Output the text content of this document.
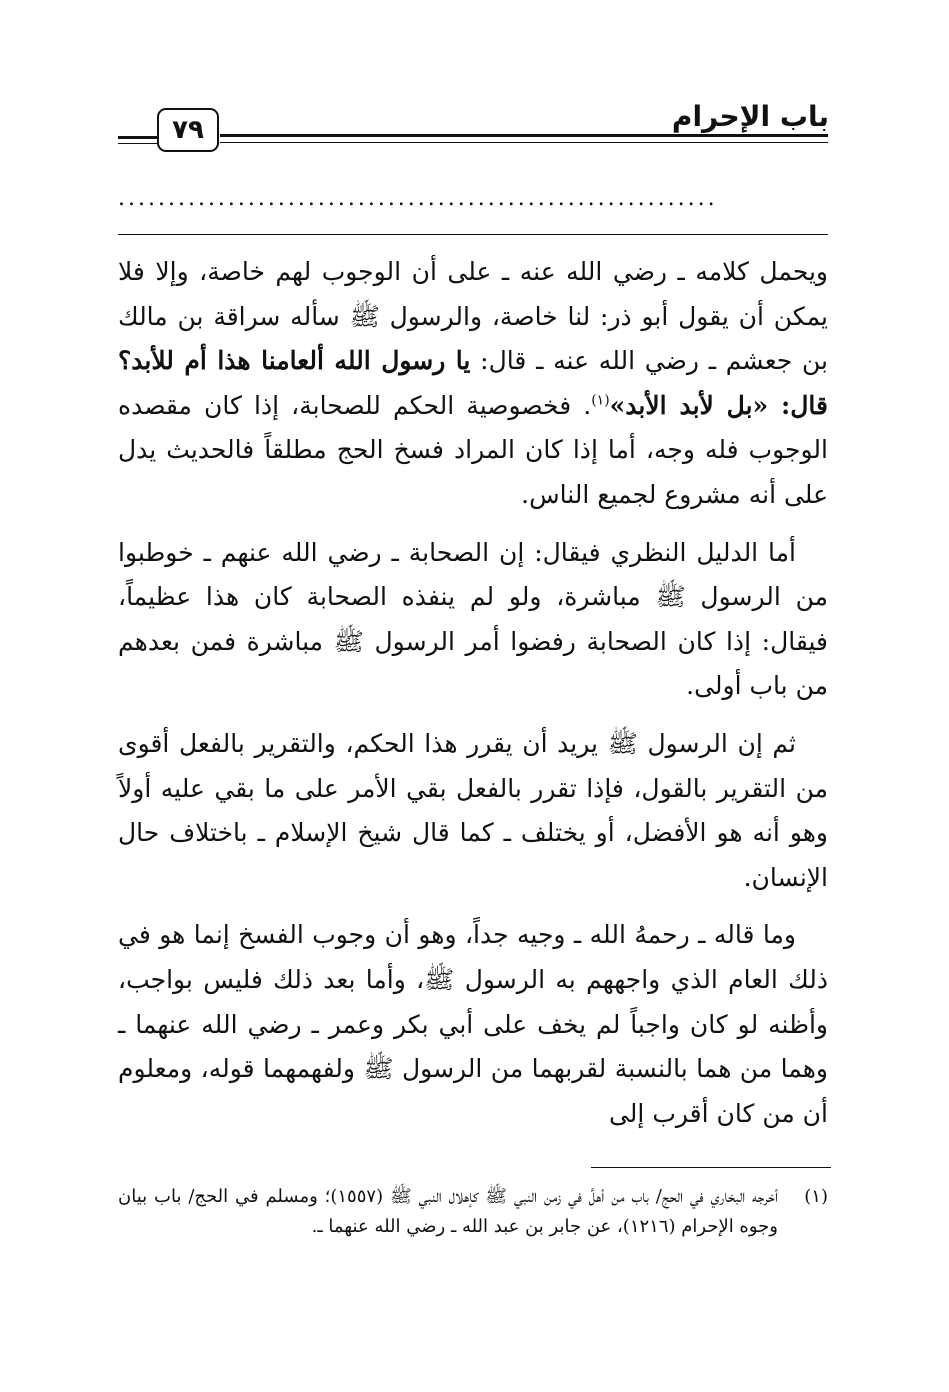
باب الإحرام
٧٩
............................................................

ويحمل كلامه ـ رضي الله عنه ـ على أن الوجوب لهم خاصة، وإلا فلا يمكن أن يقول أبو ذر: لنا خاصة، والرسول ﷺ سأله سراقة بن مالك بن جعشم ـ رضي الله عنه ـ قال: يا رسول الله ألعامنا هذا أم للأبد؟ قال: «بل لأبد الأبد»$^{(١)}$. فخصوصية الحكم للصحابة، إذا كان مقصده الوجوب فله وجه، أما إذا كان المراد فسخ الحج مطلقاً فالحديث يدل على أنه مشروع لجميع الناس.

أما الدليل النظري فيقال: إن الصحابة ـ رضي الله عنهم ـ خوطبوا من الرسول ﷺ مباشرة، ولو لم ينفذه الصحابة كان هذا عظيماً، فيقال: إذا كان الصحابة رفضوا أمر الرسول ﷺ مباشرة فمن بعدهم من باب أولى.

ثم إن الرسول ﷺ يريد أن يقرر هذا الحكم، والتقرير بالفعل أقوى من التقرير بالقول، فإذا تقرر بالفعل بقي الأمر على ما بقي عليه أولاً وهو أنه هو الأفضل، أو يختلف ـ كما قال شيخ الإسلام ـ باختلاف حال الإنسان.

وما قاله ـ رحمهُ الله ـ وجيه جداً، وهو أن وجوب الفسخ إنما هو في ذلك العام الذي واجههم به الرسول ﷺ، وأما بعد ذلك فليس بواجب، وأظنه لو كان واجباً لم يخف على أبي بكر وعمر ـ رضي الله عنهما ـ وهما من هما بالنسبة لقربهما من الرسول ﷺ ولفهمهما قوله، ومعلوم أن من كان أقرب إلى

(١)
أخرجه البخاري في الحج/ باب من أهلَّ في زمن النبي ﷺ كإهلال النبي ﷺ (١٥٥٧)؛ ومسلم في الحج/ باب بيان وجوه الإحرام (١٢١٦)، عن جابر بن عبد الله ـ رضي الله عنهما ـ.
